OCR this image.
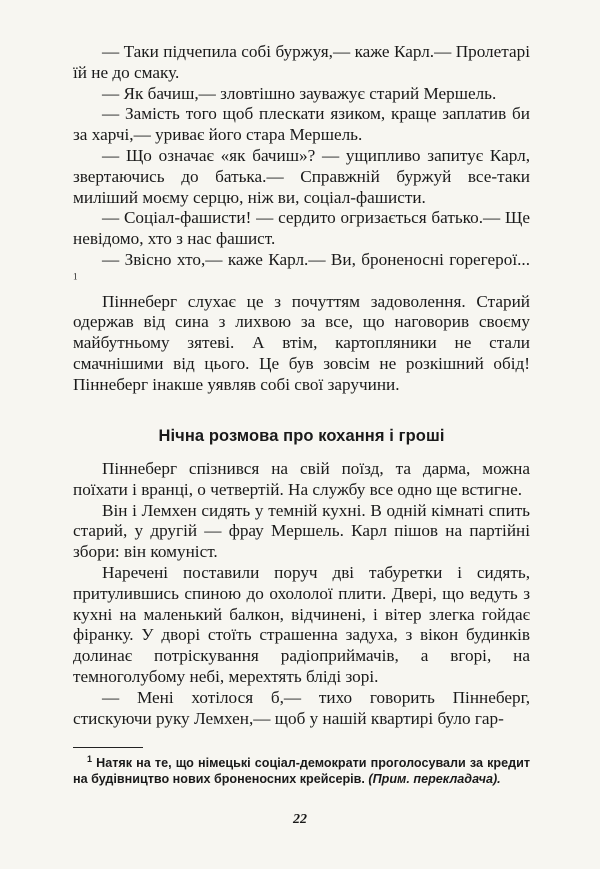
— Таки підчепила собі буржуя,— каже Карл.— Пролетарі їй не до смаку.

— Як бачиш,— зловтішно зауважує старий Мершель.

— Замість того щоб плескати язиком, краще заплатив би за харчі,— уриває його стара Мершель.

— Що означає «як бачиш»? — ущипливо запитує Карл, звертаючись до батька.— Справжній буржуй все-таки миліший моєму серцю, ніж ви, соціал-фашисти.

— Соціал-фашисти! — сердито огризається батько.— Ще невідомо, хто з нас фашист.

— Звісно хто,— каже Карл.— Ви, броненосні горегерої... $^1$

Піннеберг слухає це з почуттям задоволення. Старий одержав від сина з лихвою за все, що наговорив своєму майбутньому зятеві. А втім, картопляники не стали смачнішими від цього. Це був зовсім не розкішний обід! Піннеберг інакше уявляв собі свої заручини.

Нічна розмова про кохання і гроші

Піннеберг спізнився на свій поїзд, та дарма, можна поїхати і вранці, о четвертій. На службу все одно ще встигне.

Він і Лемхен сидять у темній кухні. В одній кімнаті спить старий, у другій — фрау Мершель. Карл пішов на партійні збори: він комуніст.

Наречені поставили поруч дві табуретки і сидять, притулившись спиною до охололої плити. Двері, що ведуть з кухні на маленький балкон, відчинені, і вітер злегка гойдає фіранку. У дворі стоїть страшенна задуха, з вікон будинків долинає потріскування радіоприймачів, а вгорі, на темноголубому небі, мерехтять бліді зорі.

— Мені хотілося б,— тихо говорить Піннеберг, стискуючи руку Лемхен,— щоб у нашій квартирі було гар-

$^1$ Натяк на те, що німецькі соціал-демократи проголосували за кредит на будівництво нових броненосних крейсерів. (Прим. перекладача).

22
